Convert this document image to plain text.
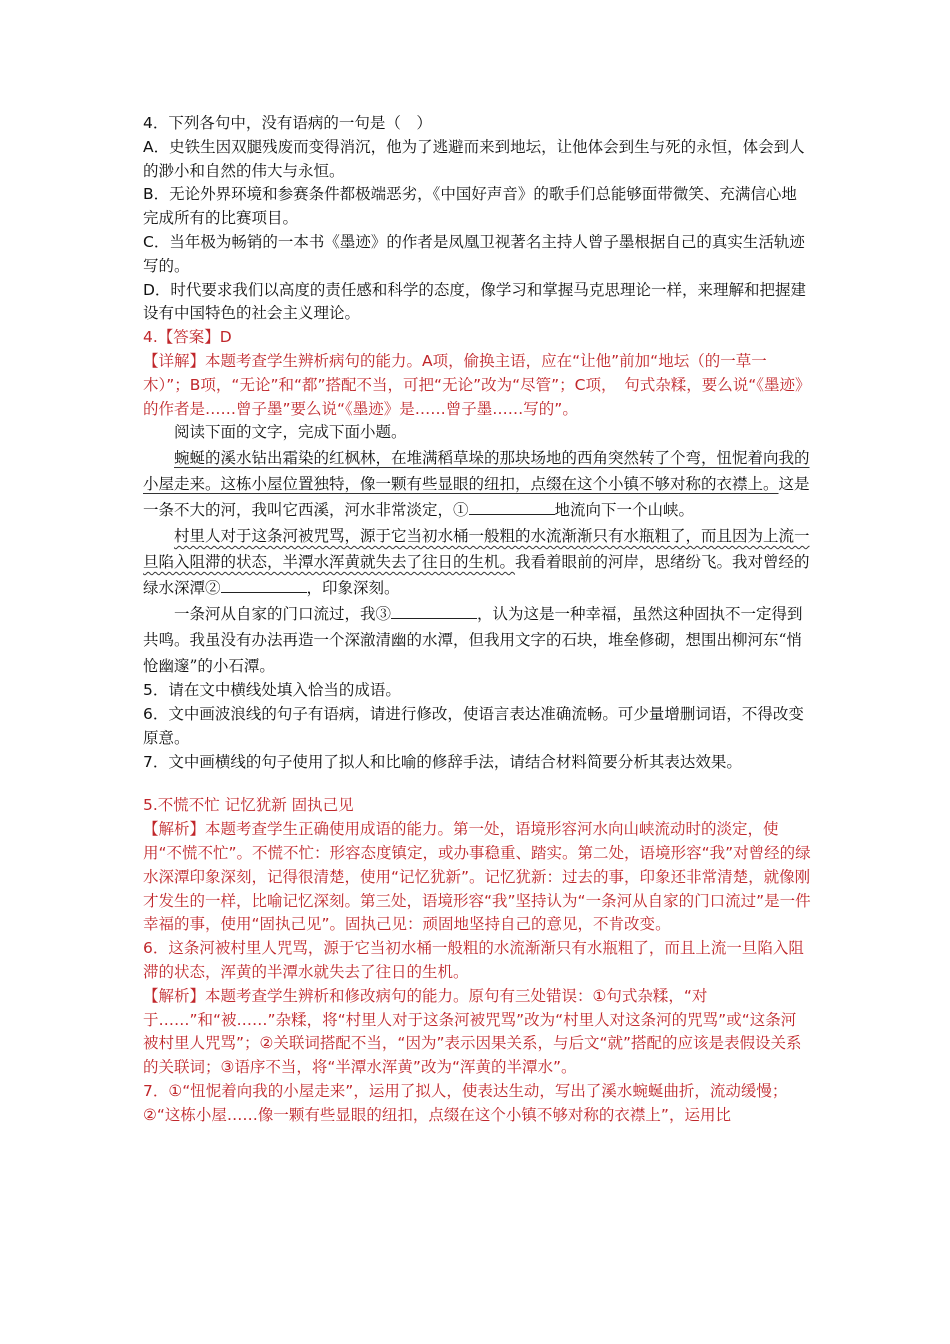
4．下列各句中，没有语病的一句是（　）

A．史铁生因双腿残废而变得消沉，他为了逃避而来到地坛，让他体会到生与死的永恒，体会到人的渺小和自然的伟大与永恒。

B．无论外界环境和参赛条件都极端恶劣，《中国好声音》的歌手们总能够面带微笑、充满信心地完成所有的比赛项目。

C．当年极为畅销的一本书《墨迹》的作者是凤凰卫视著名主持人曾子墨根据自己的真实生活轨迹写的。

D．时代要求我们以高度的责任感和科学的态度，像学习和掌握马克思理论一样，来理解和把握建设有中国特色的社会主义理论。

4.【答案】D

【详解】本题考查学生辨析病句的能力。A项，偷换主语，应在“让他”前加“地坛（的一草一木）”；B项，“无论”和“都”搭配不当，可把“无论”改为“尽管”；C项，　句式杂糅，要么说“《墨迹》的作者是……曾子墨”要么说“《墨迹》是……曾子墨……写的”。

阅读下面的文字，完成下面小题。

蜿蜒的溪水钻出霜染的红枫林，在堆满稻草垛的那块场地的西角突然转了个弯，忸怩着向我的小屋走来。这栋小屋位置独特，像一颗有些显眼的纽扣，点缀在这个小镇不够对称的衣襟上。这是一条不大的河，我叫它西溪，河水非常淡定，①	地流向下一个山峡。

村里人对于这条河被咒骂，源于它当初水桶一般粗的水流渐渐只有水瓶粗了，而且因为上流一旦陷入阻滞的状态，半潭水浑黄就失去了往日的生机。我看着眼前的河岸，思绪纷飞。我对曾经的绿水深潭②	，印象深刻。

一条河从自家的门口流过，我③	，认为这是一种幸福，虽然这种固执不一定得到共鸣。我虽没有办法再造一个深澈清幽的水潭，但我用文字的石块，堆垒修砌，想围出柳河东“悄怆幽邃”的小石潭。

5．请在文中横线处填入恰当的成语。

6．文中画波浪线的句子有语病，请进行修改，使语言表达准确流畅。可少量增删词语，不得改变原意。

7．文中画横线的句子使用了拟人和比喻的修辞手法，请结合材料简要分析其表达效果。

5.不慌不忙 记忆犹新 固执己见

【解析】本题考查学生正确使用成语的能力。第一处，语境形容河水向山峡流动时的淡定，使用“不慌不忙”。不慌不忙：形容态度镇定，或办事稳重、踏实。第二处，语境形容“我”对曾经的绿水深潭印象深刻，记得很清楚，使用“记忆犹新”。记忆犹新：过去的事，印象还非常清楚，就像刚才发生的一样，比喻记忆深刻。第三处，语境形容“我”坚持认为“一条河从自家的门口流过”是一件幸福的事，使用“固执己见”。固执己见：顽固地坚持自己的意见，不肯改变。

6．这条河被村里人咒骂，源于它当初水桶一般粗的水流渐渐只有水瓶粗了，而且上流一旦陷入阻滞的状态，浑黄的半潭水就失去了往日的生机。

【解析】本题考查学生辨析和修改病句的能力。原句有三处错误：①句式杂糅，“对于……”和“被……”杂糅，将“村里人对于这条河被咒骂”改为“村里人对这条河的咒骂”或“这条河被村里人咒骂”；②关联词搭配不当，“因为”表示因果关系，与后文“就”搭配的应该是表假设关系的关联词；③语序不当，将“半潭水浑黄”改为“浑黄的半潭水”。

7．①“忸怩着向我的小屋走来”，运用了拟人，使表达生动，写出了溪水蜿蜒曲折，流动缓慢；②“这栋小屋……像一颗有些显眼的纽扣，点缀在这个小镇不够对称的衣襟上”，运用比
